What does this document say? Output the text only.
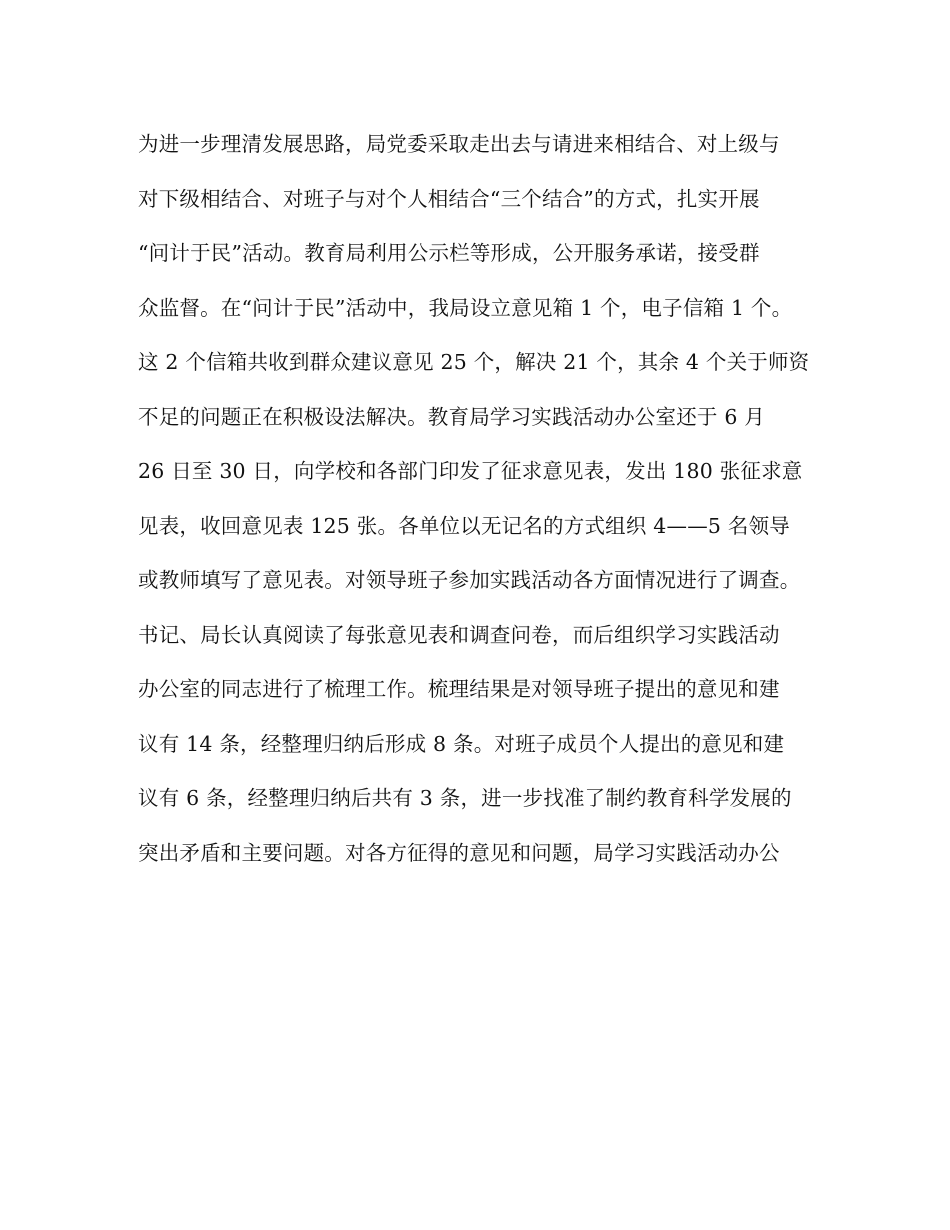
为进一步理清发展思路，局党委采取走出去与请进来相结合、对上级与
对下级相结合、对班子与对个人相结合“三个结合”的方式，扎实开展
“问计于民”活动。教育局利用公示栏等形成，公开服务承诺，接受群
众监督。在“问计于民”活动中，我局设立意见箱 1 个，电子信箱 1 个。
这 2 个信箱共收到群众建议意见 25 个，解决 21 个，其余 4 个关于师资
不足的问题正在积极设法解决。教育局学习实践活动办公室还于 6 月
26 日至 30 日，向学校和各部门印发了征求意见表，发出 180 张征求意
见表，收回意见表 125 张。各单位以无记名的方式组织 4——5 名领导
或教师填写了意见表。对领导班子参加实践活动各方面情况进行了调查。
书记、局长认真阅读了每张意见表和调查问卷，而后组织学习实践活动
办公室的同志进行了梳理工作。梳理结果是对领导班子提出的意见和建
议有 14 条，经整理归纳后形成 8 条。对班子成员个人提出的意见和建
议有 6 条，经整理归纳后共有 3 条，进一步找准了制约教育科学发展的
突出矛盾和主要问题。对各方征得的意见和问题，局学习实践活动办公
